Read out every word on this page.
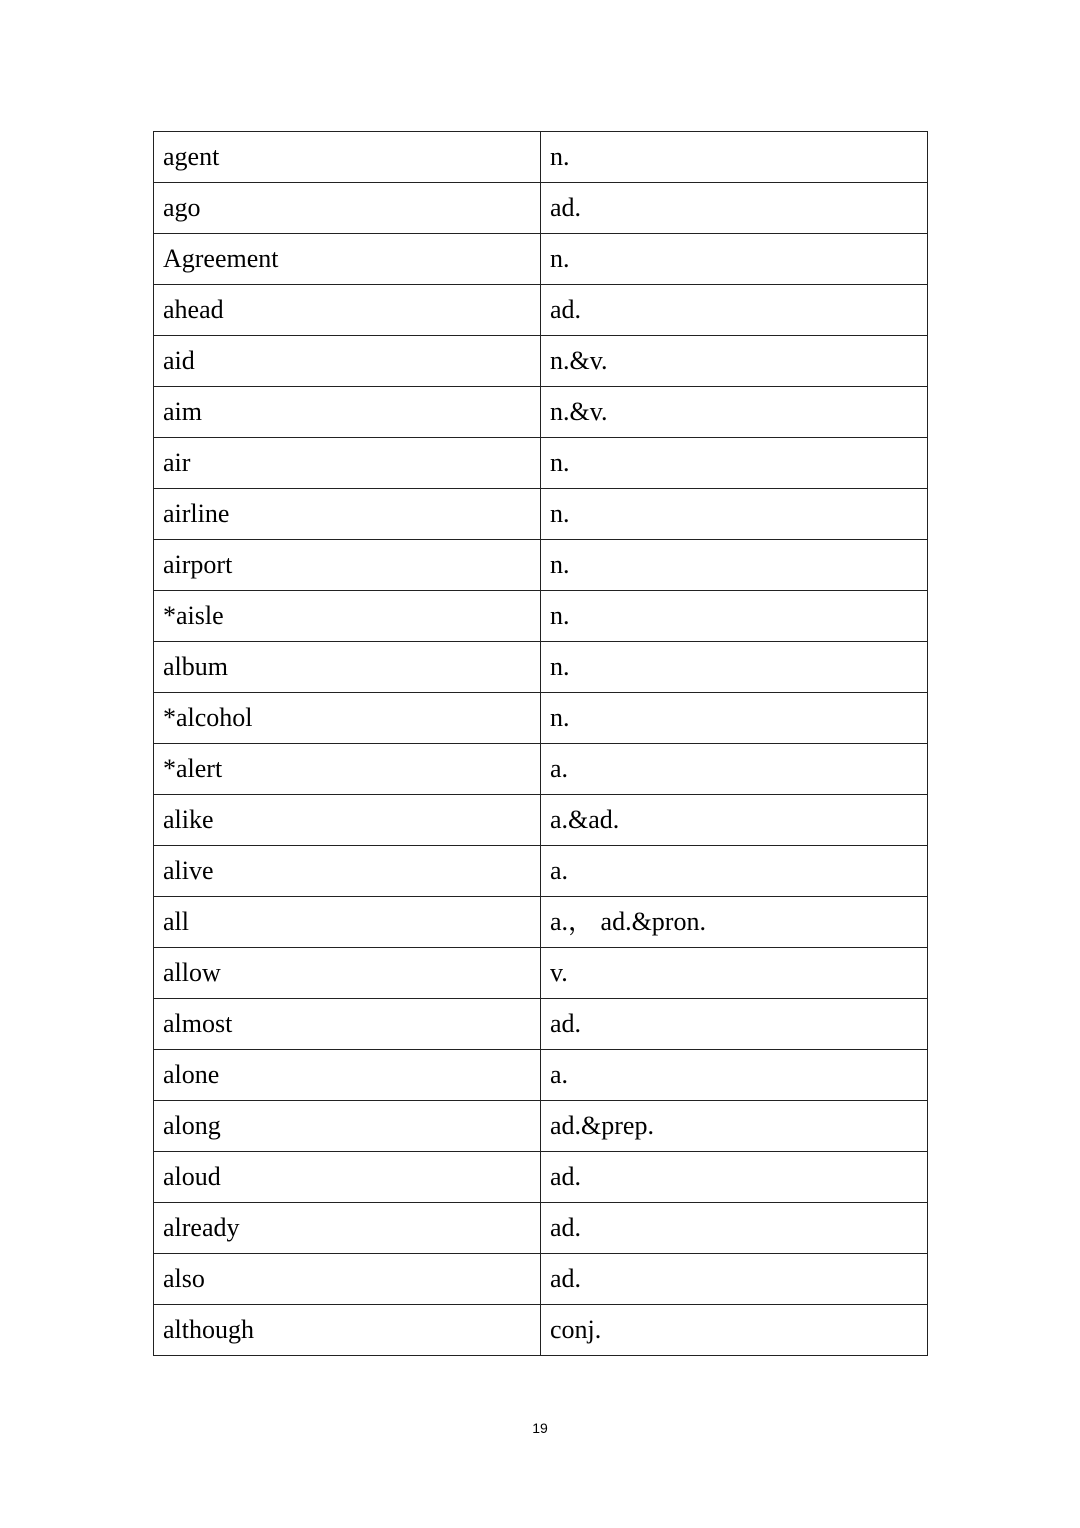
agent	n.
ago	ad.
Agreement	n.
ahead	ad.
aid	n.&v.
aim	n.&v.
air	n.
airline	n.
airport	n.
*aisle	n.
album	n.
*alcohol	n.
*alert	a.
alike	a.&ad.
alive	a.
all	a.， ad.&pron.
allow	v.
almost	ad.
alone	a.
along	ad.&prep.
aloud	ad.
already	ad.
also	ad.
although	conj.
19
